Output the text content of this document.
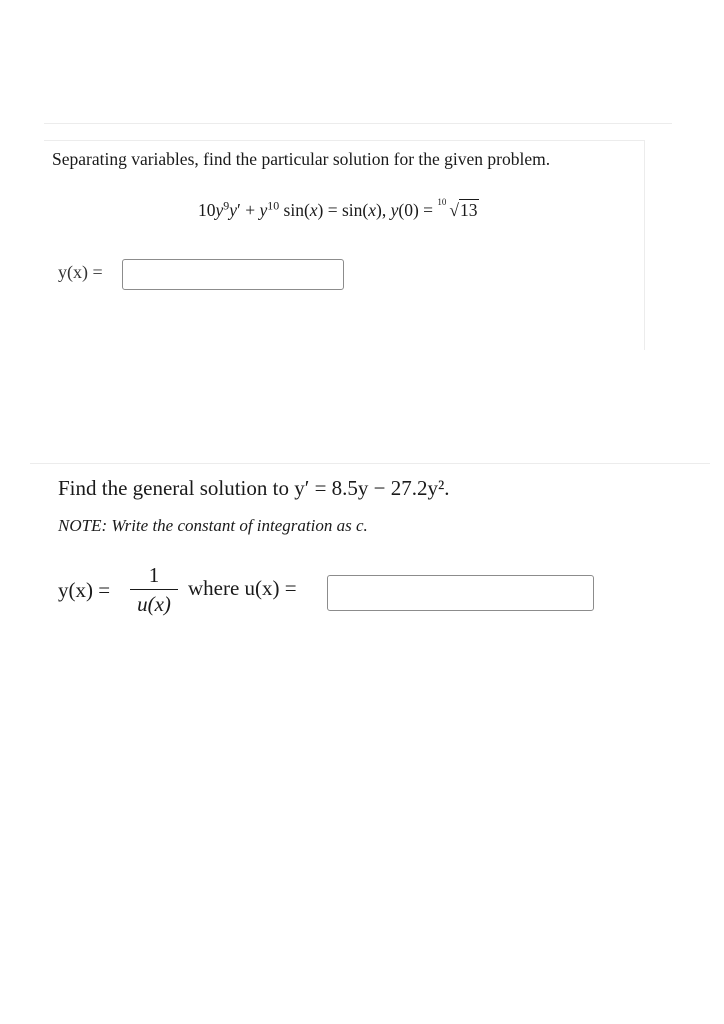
Separating variables, find the particular solution for the given problem.
$10y^9y' + y^{10}$ sin(x) = sin(x), y(0) = 10 √13
y(x) =
Find the general solution to y′ = 8.5y − 27.2y².
NOTE: Write the constant of integration as c.
y(x) =
1
u(x)
where u(x) =
